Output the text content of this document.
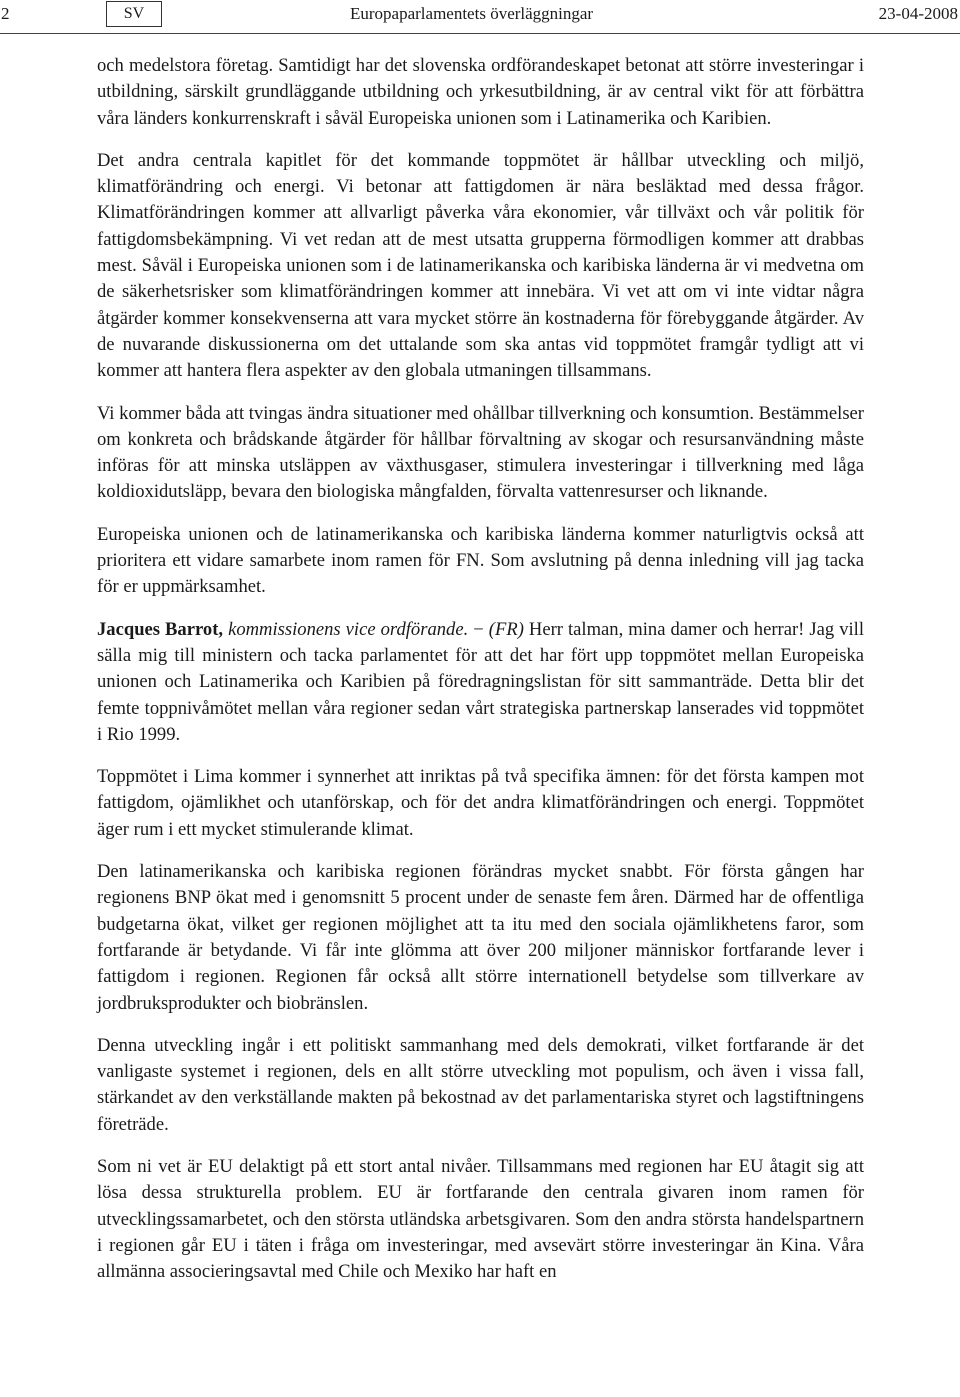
2	SV	Europaparlamentets överläggningar	23-04-2008

och medelstora företag. Samtidigt har det slovenska ordförandeskapet betonat att större investeringar i utbildning, särskilt grundläggande utbildning och yrkesutbildning, är av central vikt för att förbättra våra länders konkurrenskraft i såväl Europeiska unionen som i Latinamerika och Karibien.

Det andra centrala kapitlet för det kommande toppmötet är hållbar utveckling och miljö, klimatförändring och energi. Vi betonar att fattigdomen är nära besläktad med dessa frågor. Klimatförändringen kommer att allvarligt påverka våra ekonomier, vår tillväxt och vår politik för fattigdomsbekämpning. Vi vet redan att de mest utsatta grupperna förmodligen kommer att drabbas mest. Såväl i Europeiska unionen som i de latinamerikanska och karibiska länderna är vi medvetna om de säkerhetsrisker som klimatförändringen kommer att innebära. Vi vet att om vi inte vidtar några åtgärder kommer konsekvenserna att vara mycket större än kostnaderna för förebyggande åtgärder. Av de nuvarande diskussionerna om det uttalande som ska antas vid toppmötet framgår tydligt att vi kommer att hantera flera aspekter av den globala utmaningen tillsammans.

Vi kommer båda att tvingas ändra situationer med ohållbar tillverkning och konsumtion. Bestämmelser om konkreta och brådskande åtgärder för hållbar förvaltning av skogar och resursanvändning måste införas för att minska utsläppen av växthusgaser, stimulera investeringar i tillverkning med låga koldioxidutsläpp, bevara den biologiska mångfalden, förvalta vattenresurser och liknande.

Europeiska unionen och de latinamerikanska och karibiska länderna kommer naturligtvis också att prioritera ett vidare samarbete inom ramen för FN. Som avslutning på denna inledning vill jag tacka för er uppmärksamhet.

Jacques Barrot, kommissionens vice ordförande. − (FR) Herr talman, mina damer och herrar! Jag vill sälla mig till ministern och tacka parlamentet för att det har fört upp toppmötet mellan Europeiska unionen och Latinamerika och Karibien på föredragningslistan för sitt sammanträde. Detta blir det femte toppnivåmötet mellan våra regioner sedan vårt strategiska partnerskap lanserades vid toppmötet i Rio 1999.

Toppmötet i Lima kommer i synnerhet att inriktas på två specifika ämnen: för det första kampen mot fattigdom, ojämlikhet och utanförskap, och för det andra klimatförändringen och energi. Toppmötet äger rum i ett mycket stimulerande klimat.

Den latinamerikanska och karibiska regionen förändras mycket snabbt. För första gången har regionens BNP ökat med i genomsnitt 5 procent under de senaste fem åren. Därmed har de offentliga budgetarna ökat, vilket ger regionen möjlighet att ta itu med den sociala ojämlikhetens faror, som fortfarande är betydande. Vi får inte glömma att över 200 miljoner människor fortfarande lever i fattigdom i regionen. Regionen får också allt större internationell betydelse som tillverkare av jordbruksprodukter och biobränslen.

Denna utveckling ingår i ett politiskt sammanhang med dels demokrati, vilket fortfarande är det vanligaste systemet i regionen, dels en allt större utveckling mot populism, och även i vissa fall, stärkandet av den verkställande makten på bekostnad av det parlamentariska styret och lagstiftningens företräde.

Som ni vet är EU delaktigt på ett stort antal nivåer. Tillsammans med regionen har EU åtagit sig att lösa dessa strukturella problem. EU är fortfarande den centrala givaren inom ramen för utvecklingssamarbetet, och den största utländska arbetsgivaren. Som den andra största handelspartnern i regionen går EU i täten i fråga om investeringar, med avsevärt större investeringar än Kina. Våra allmänna associeringsavtal med Chile och Mexiko har haft en
